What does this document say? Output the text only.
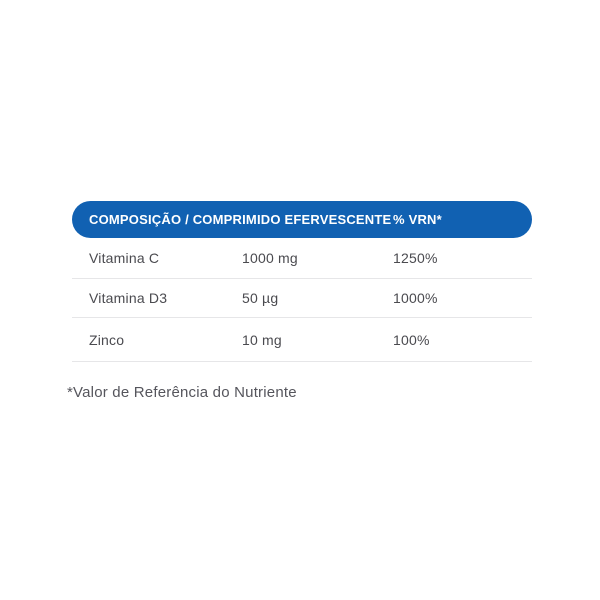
COMPOSIÇÃO / COMPRIMIDO EFERVESCENTE % VRN*
Vitamina C	1000 mg	1250%
Vitamina D3	50 µg	1000%
Zinco	10 mg	100%
*Valor de Referência do Nutriente
